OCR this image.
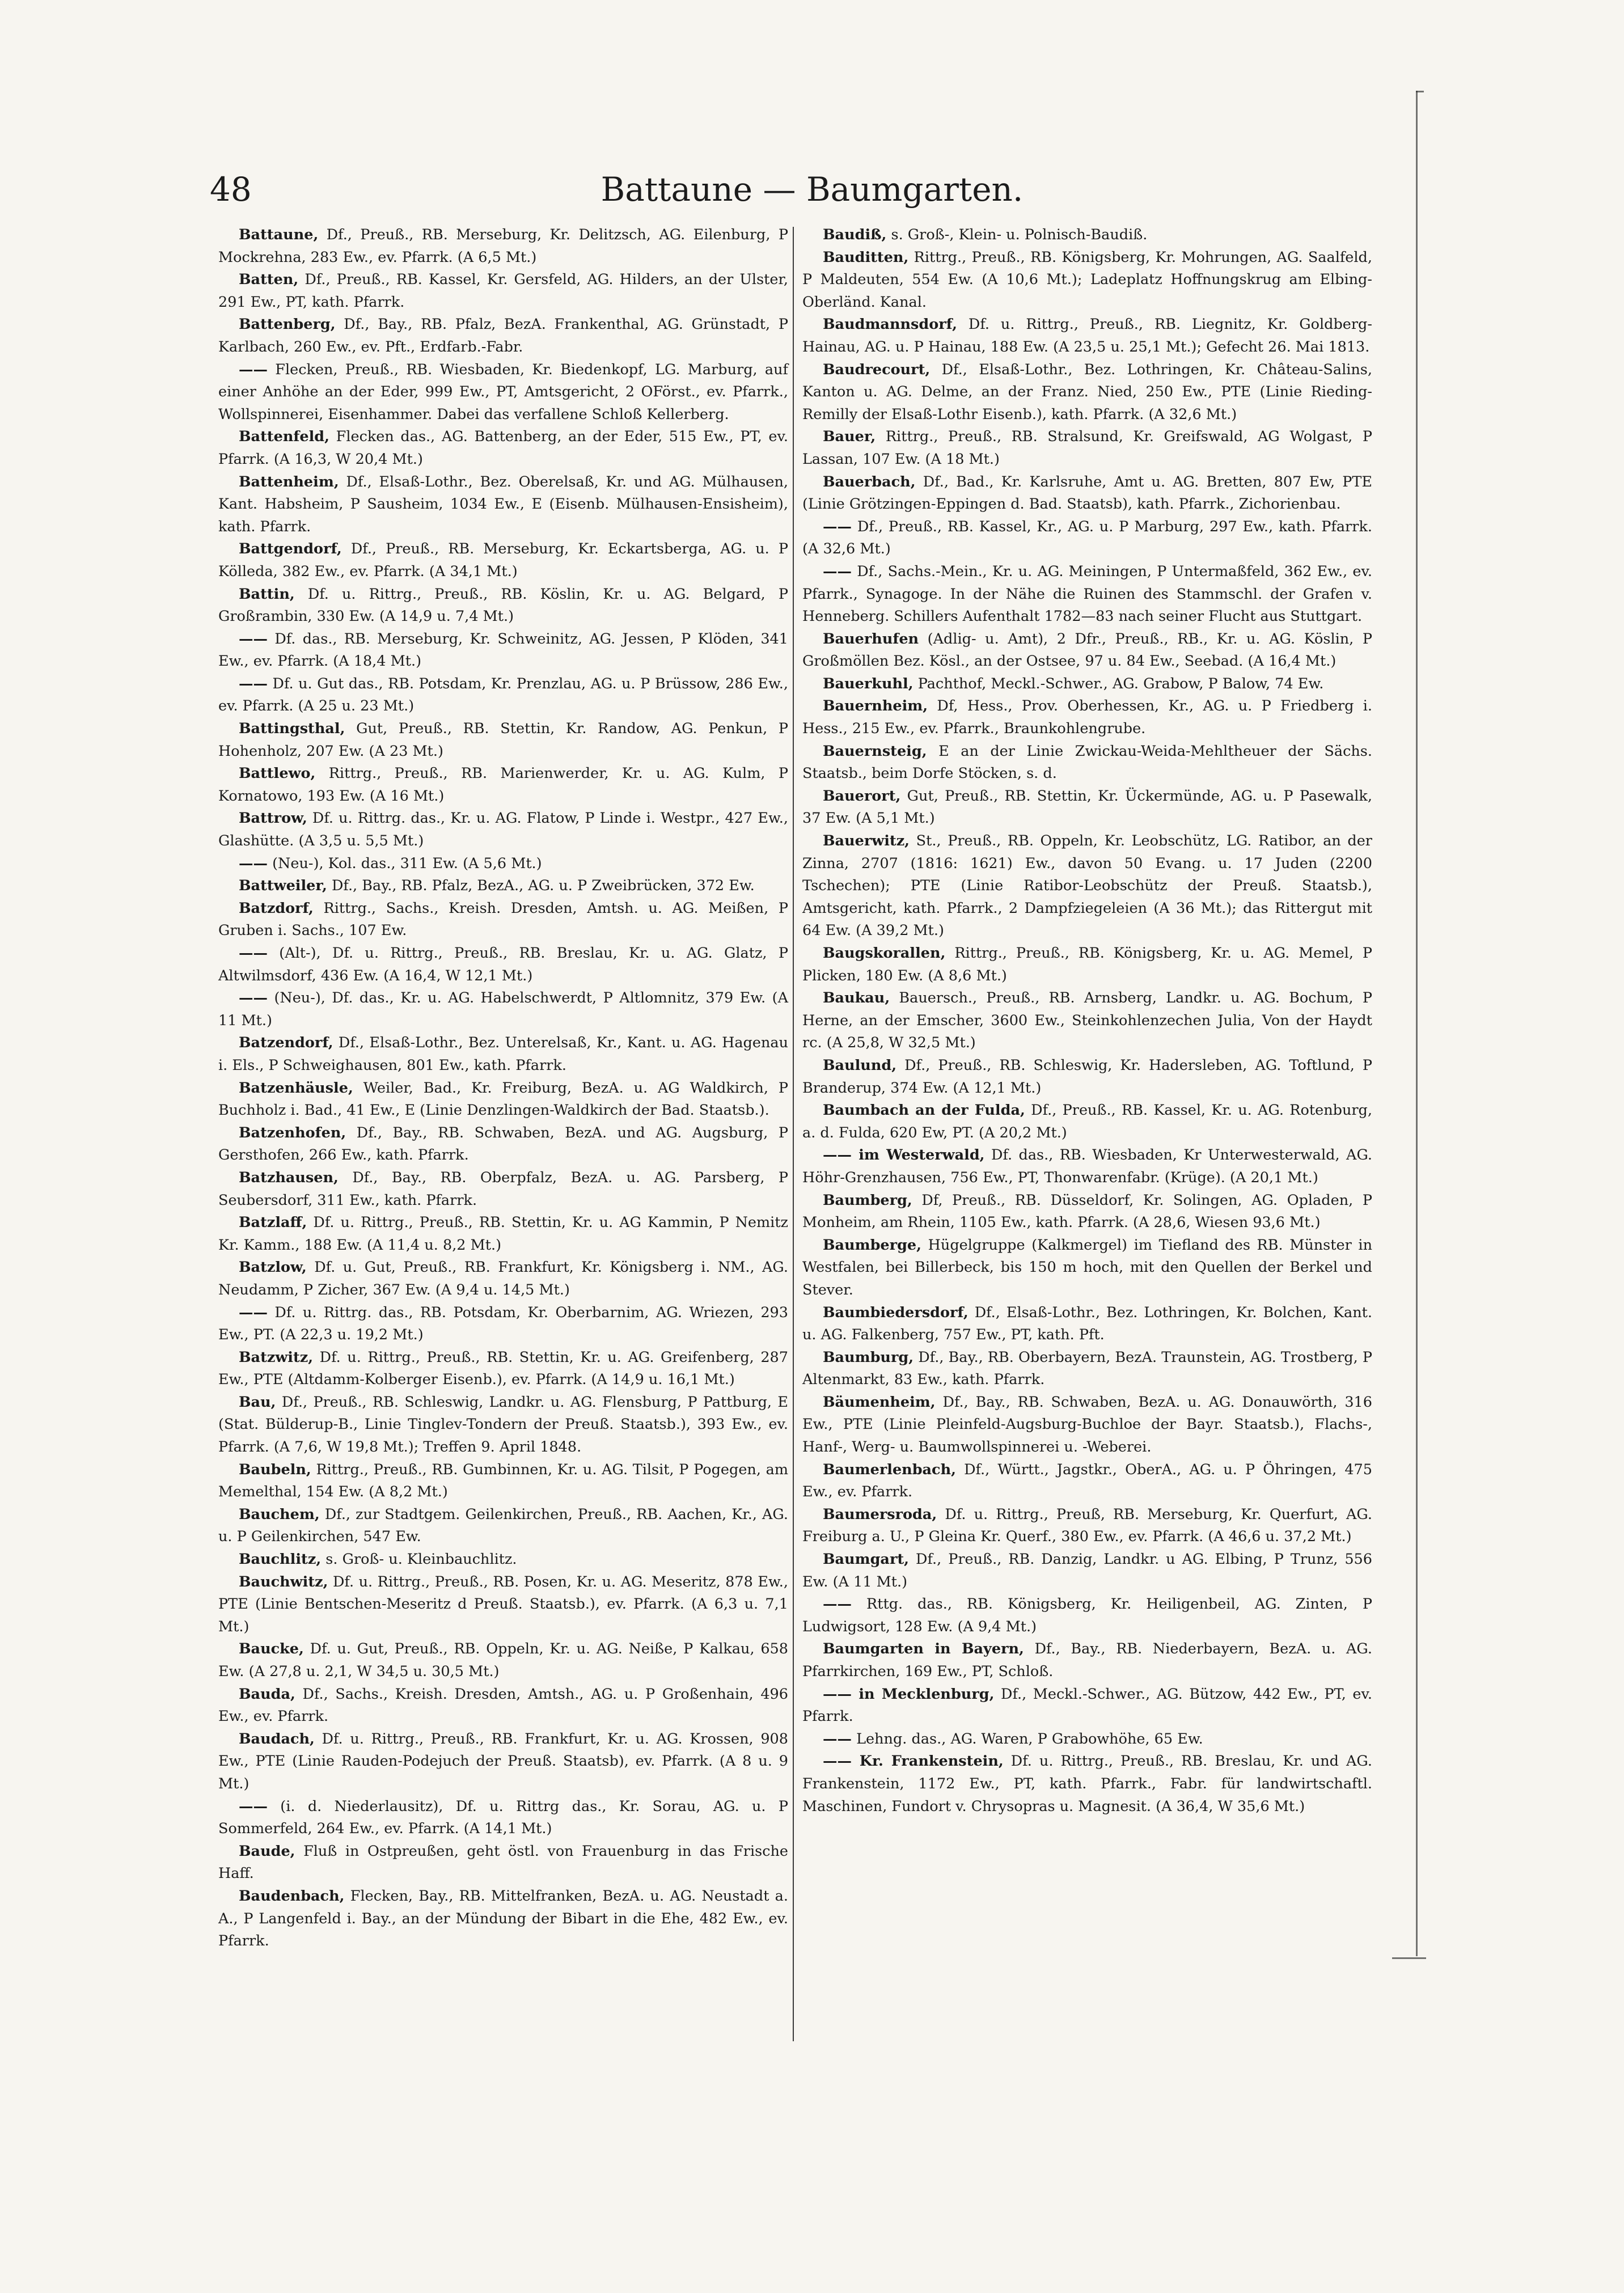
48	Battaune — Baumgarten.

Battaune, Df., Preuß., RB. Merseburg, Kr. Delitzsch, AG. Eilenburg, P Mockrehna, 283 Ew., ev. Pfarrk. (A 6,5 Mt.)

Batten, Df., Preuß., RB. Kassel, Kr. Gersfeld, AG. Hilders, an der Ulster, 291 Ew., PT, kath. Pfarrk.

Battenberg, Df., Bay., RB. Pfalz, BezA. Frankenthal, AG. Grünstadt, P Karlbach, 260 Ew., ev. Pft., Erdfarb.-Fabr.

—— Flecken, Preuß., RB. Wiesbaden, Kr. Biedenkopf, LG. Marburg, auf einer Anhöhe an der Eder, 999 Ew., PT, Amtsgericht, 2 OFörst., ev. Pfarrk., Wollspinnerei, Eisenhammer. Dabei das verfallene Schloß Kellerberg.

Battenfeld, Flecken das., AG. Battenberg, an der Eder, 515 Ew., PT, ev. Pfarrk. (A 16,3, W 20,4 Mt.)

Battenheim, Df., Elsaß-Lothr., Bez. Oberelsaß, Kr. und AG. Mülhausen, Kant. Habsheim, P Sausheim, 1034 Ew., E (Eisenb. Mülhausen-Ensisheim), kath. Pfarrk.

Battgendorf, Df., Preuß., RB. Merseburg, Kr. Eckartsberga, AG. u. P Kölleda, 382 Ew., ev. Pfarrk. (A 34,1 Mt.)

Battin, Df. u. Rittrg., Preuß., RB. Köslin, Kr. u. AG. Belgard, P Großrambin, 330 Ew. (A 14,9 u. 7,4 Mt.)

—— Df. das., RB. Merseburg, Kr. Schweinitz, AG. Jessen, P Klöden, 341 Ew., ev. Pfarrk. (A 18,4 Mt.)

—— Df. u. Gut das., RB. Potsdam, Kr. Prenzlau, AG. u. P Brüssow, 286 Ew., ev. Pfarrk. (A 25 u. 23 Mt.)

Battingsthal, Gut, Preuß., RB. Stettin, Kr. Randow, AG. Penkun, P Hohenholz, 207 Ew. (A 23 Mt.)

Battlewo, Rittrg., Preuß., RB. Marienwerder, Kr. u. AG. Kulm, P Kornatowo, 193 Ew. (A 16 Mt.)

Battrow, Df. u. Rittrg. das., Kr. u. AG. Flatow, P Linde i. Westpr., 427 Ew., Glashütte. (A 3,5 u. 5,5 Mt.)

—— (Neu-), Kol. das., 311 Ew. (A 5,6 Mt.)

Battweiler, Df., Bay., RB. Pfalz, BezA., AG. u. P Zweibrücken, 372 Ew.

Batzdorf, Rittrg., Sachs., Kreish. Dresden, Amtsh. u. AG. Meißen, P Gruben i. Sachs., 107 Ew.

—— (Alt-), Df. u. Rittrg., Preuß., RB. Breslau, Kr. u. AG. Glatz, P Altwilmsdorf, 436 Ew. (A 16,4, W 12,1 Mt.)

—— (Neu-), Df. das., Kr. u. AG. Habelschwerdt, P Altlomnitz, 379 Ew. (A 11 Mt.)

Batzendorf, Df., Elsaß-Lothr., Bez. Unterelsaß, Kr., Kant. u. AG. Hagenau i. Els., P Schweighausen, 801 Ew., kath. Pfarrk.

Batzenhäusle, Weiler, Bad., Kr. Freiburg, BezA. u. AG Waldkirch, P Buchholz i. Bad., 41 Ew., E (Linie Denzlingen-Waldkirch der Bad. Staatsb.).

Batzenhofen, Df., Bay., RB. Schwaben, BezA. und AG. Augsburg, P Gersthofen, 266 Ew., kath. Pfarrk.

Batzhausen, Df., Bay., RB. Oberpfalz, BezA. u. AG. Parsberg, P Seubersdorf, 311 Ew., kath. Pfarrk.

Batzlaff, Df. u. Rittrg., Preuß., RB. Stettin, Kr. u. AG Kammin, P Nemitz Kr. Kamm., 188 Ew. (A 11,4 u. 8,2 Mt.)

Batzlow, Df. u. Gut, Preuß., RB. Frankfurt, Kr. Königsberg i. NM., AG. Neudamm, P Zicher, 367 Ew. (A 9,4 u. 14,5 Mt.)

—— Df. u. Rittrg. das., RB. Potsdam, Kr. Oberbarnim, AG. Wriezen, 293 Ew., PT. (A 22,3 u. 19,2 Mt.)

Batzwitz, Df. u. Rittrg., Preuß., RB. Stettin, Kr. u. AG. Greifenberg, 287 Ew., PTE (Altdamm-Kolberger Eisenb.), ev. Pfarrk. (A 14,9 u. 16,1 Mt.)

Bau, Df., Preuß., RB. Schleswig, Landkr. u. AG. Flensburg, P Pattburg, E (Stat. Bülderup-B., Linie Tinglev-Tondern der Preuß. Staatsb.), 393 Ew., ev. Pfarrk. (A 7,6, W 19,8 Mt.); Treffen 9. April 1848.

Baubeln, Rittrg., Preuß., RB. Gumbinnen, Kr. u. AG. Tilsit, P Pogegen, am Memelthal, 154 Ew. (A 8,2 Mt.)

Bauchem, Df., zur Stadtgem. Geilenkirchen, Preuß., RB. Aachen, Kr., AG. u. P Geilenkirchen, 547 Ew.

Bauchlitz, s. Groß- u. Kleinbauchlitz.

Bauchwitz, Df. u. Rittrg., Preuß., RB. Posen, Kr. u. AG. Meseritz, 878 Ew., PTE (Linie Bentschen-Meseritz d Preuß. Staatsb.), ev. Pfarrk. (A 6,3 u. 7,1 Mt.)

Baucke, Df. u. Gut, Preuß., RB. Oppeln, Kr. u. AG. Neiße, P Kalkau, 658 Ew. (A 27,8 u. 2,1, W 34,5 u. 30,5 Mt.)

Bauda, Df., Sachs., Kreish. Dresden, Amtsh., AG. u. P Großenhain, 496 Ew., ev. Pfarrk.

Baudach, Df. u. Rittrg., Preuß., RB. Frankfurt, Kr. u. AG. Krossen, 908 Ew., PTE (Linie Rauden-Podejuch der Preuß. Staatsb), ev. Pfarrk. (A 8 u. 9 Mt.)

—— (i. d. Niederlausitz), Df. u. Rittrg das., Kr. Sorau, AG. u. P Sommerfeld, 264 Ew., ev. Pfarrk. (A 14,1 Mt.)

Baude, Fluß in Ostpreußen, geht östl. von Frauenburg in das Frische Haff.

Baudenbach, Flecken, Bay., RB. Mittelfranken, BezA. u. AG. Neustadt a. A., P Langenfeld i. Bay., an der Mündung der Bibart in die Ehe, 482 Ew., ev. Pfarrk.

Baudiß, s. Groß-, Klein- u. Polnisch-Baudiß.

Bauditten, Rittrg., Preuß., RB. Königsberg, Kr. Mohrungen, AG. Saalfeld, P Maldeuten, 554 Ew. (A 10,6 Mt.); Ladeplatz Hoffnungskrug am Elbing-Oberländ. Kanal.

Baudmannsdorf, Df. u. Rittrg., Preuß., RB. Liegnitz, Kr. Goldberg-Hainau, AG. u. P Hainau, 188 Ew. (A 23,5 u. 25,1 Mt.); Gefecht 26. Mai 1813.

Baudrecourt, Df., Elsaß-Lothr., Bez. Lothringen, Kr. Château-Salins, Kanton u. AG. Delme, an der Franz. Nied, 250 Ew., PTE (Linie Rieding-Remilly der Elsaß-Lothr Eisenb.), kath. Pfarrk. (A 32,6 Mt.)

Bauer, Rittrg., Preuß., RB. Stralsund, Kr. Greifswald, AG Wolgast, P Lassan, 107 Ew. (A 18 Mt.)

Bauerbach, Df., Bad., Kr. Karlsruhe, Amt u. AG. Bretten, 807 Ew, PTE (Linie Grötzingen-Eppingen d. Bad. Staatsb), kath. Pfarrk., Zichorienbau.

—— Df., Preuß., RB. Kassel, Kr., AG. u. P Marburg, 297 Ew., kath. Pfarrk. (A 32,6 Mt.)

—— Df., Sachs.-Mein., Kr. u. AG. Meiningen, P Untermaßfeld, 362 Ew., ev. Pfarrk., Synagoge. In der Nähe die Ruinen des Stammschl. der Grafen v. Henneberg. Schillers Aufenthalt 1782—83 nach seiner Flucht aus Stuttgart.

Bauerhufen (Adlig- u. Amt), 2 Dfr., Preuß., RB., Kr. u. AG. Köslin, P Großmöllen Bez. Kösl., an der Ostsee, 97 u. 84 Ew., Seebad. (A 16,4 Mt.)

Bauerkuhl, Pachthof, Meckl.-Schwer., AG. Grabow, P Balow, 74 Ew.

Bauernheim, Df, Hess., Prov. Oberhessen, Kr., AG. u. P Friedberg i. Hess., 215 Ew., ev. Pfarrk., Braunkohlengrube.

Bauernsteig, E an der Linie Zwickau-Weida-Mehltheuer der Sächs. Staatsb., beim Dorfe Stöcken, s. d.

Bauerort, Gut, Preuß., RB. Stettin, Kr. Ückermünde, AG. u. P Pasewalk, 37 Ew. (A 5,1 Mt.)

Bauerwitz, St., Preuß., RB. Oppeln, Kr. Leobschütz, LG. Ratibor, an der Zinna, 2707 (1816: 1621) Ew., davon 50 Evang. u. 17 Juden (2200 Tschechen); PTE (Linie Ratibor-Leobschütz der Preuß. Staatsb.), Amtsgericht, kath. Pfarrk., 2 Dampfziegeleien (A 36 Mt.); das Rittergut mit 64 Ew. (A 39,2 Mt.)

Baugskorallen, Rittrg., Preuß., RB. Königsberg, Kr. u. AG. Memel, P Plicken, 180 Ew. (A 8,6 Mt.)

Baukau, Bauersch., Preuß., RB. Arnsberg, Landkr. u. AG. Bochum, P Herne, an der Emscher, 3600 Ew., Steinkohlenzechen Julia, Von der Haydt rc. (A 25,8, W 32,5 Mt.)

Baulund, Df., Preuß., RB. Schleswig, Kr. Hadersleben, AG. Toftlund, P Branderup, 374 Ew. (A 12,1 Mt.)

Baumbach an der Fulda, Df., Preuß., RB. Kassel, Kr. u. AG. Rotenburg, a. d. Fulda, 620 Ew, PT. (A 20,2 Mt.)

—— im Westerwald, Df. das., RB. Wiesbaden, Kr Unterwesterwald, AG. Höhr-Grenzhausen, 756 Ew., PT, Thonwarenfabr. (Krüge). (A 20,1 Mt.)

Baumberg, Df, Preuß., RB. Düsseldorf, Kr. Solingen, AG. Opladen, P Monheim, am Rhein, 1105 Ew., kath. Pfarrk. (A 28,6, Wiesen 93,6 Mt.)

Baumberge, Hügelgruppe (Kalkmergel) im Tiefland des RB. Münster in Westfalen, bei Billerbeck, bis 150 m hoch, mit den Quellen der Berkel und Stever.

Baumbiedersdorf, Df., Elsaß-Lothr., Bez. Lothringen, Kr. Bolchen, Kant. u. AG. Falkenberg, 757 Ew., PT, kath. Pft.

Baumburg, Df., Bay., RB. Oberbayern, BezA. Traunstein, AG. Trostberg, P Altenmarkt, 83 Ew., kath. Pfarrk.

Bäumenheim, Df., Bay., RB. Schwaben, BezA. u. AG. Donauwörth, 316 Ew., PTE (Linie Pleinfeld-Augsburg-Buchloe der Bayr. Staatsb.), Flachs-, Hanf-, Werg- u. Baumwollspinnerei u. -Weberei.

Baumerlenbach, Df., Württ., Jagstkr., OberA., AG. u. P Öhringen, 475 Ew., ev. Pfarrk.

Baumersroda, Df. u. Rittrg., Preuß, RB. Merseburg, Kr. Querfurt, AG. Freiburg a. U., P Gleina Kr. Querf., 380 Ew., ev. Pfarrk. (A 46,6 u. 37,2 Mt.)

Baumgart, Df., Preuß., RB. Danzig, Landkr. u AG. Elbing, P Trunz, 556 Ew. (A 11 Mt.)

—— Rttg. das., RB. Königsberg, Kr. Heiligenbeil, AG. Zinten, P Ludwigsort, 128 Ew. (A 9,4 Mt.)

Baumgarten in Bayern, Df., Bay., RB. Niederbayern, BezA. u. AG. Pfarrkirchen, 169 Ew., PT, Schloß.

—— in Mecklenburg, Df., Meckl.-Schwer., AG. Bützow, 442 Ew., PT, ev. Pfarrk.

—— Lehng. das., AG. Waren, P Grabowhöhe, 65 Ew.

—— Kr. Frankenstein, Df. u. Rittrg., Preuß., RB. Breslau, Kr. und AG. Frankenstein, 1172 Ew., PT, kath. Pfarrk., Fabr. für landwirtschaftl. Maschinen, Fundort v. Chrysopras u. Magnesit. (A 36,4, W 35,6 Mt.)
